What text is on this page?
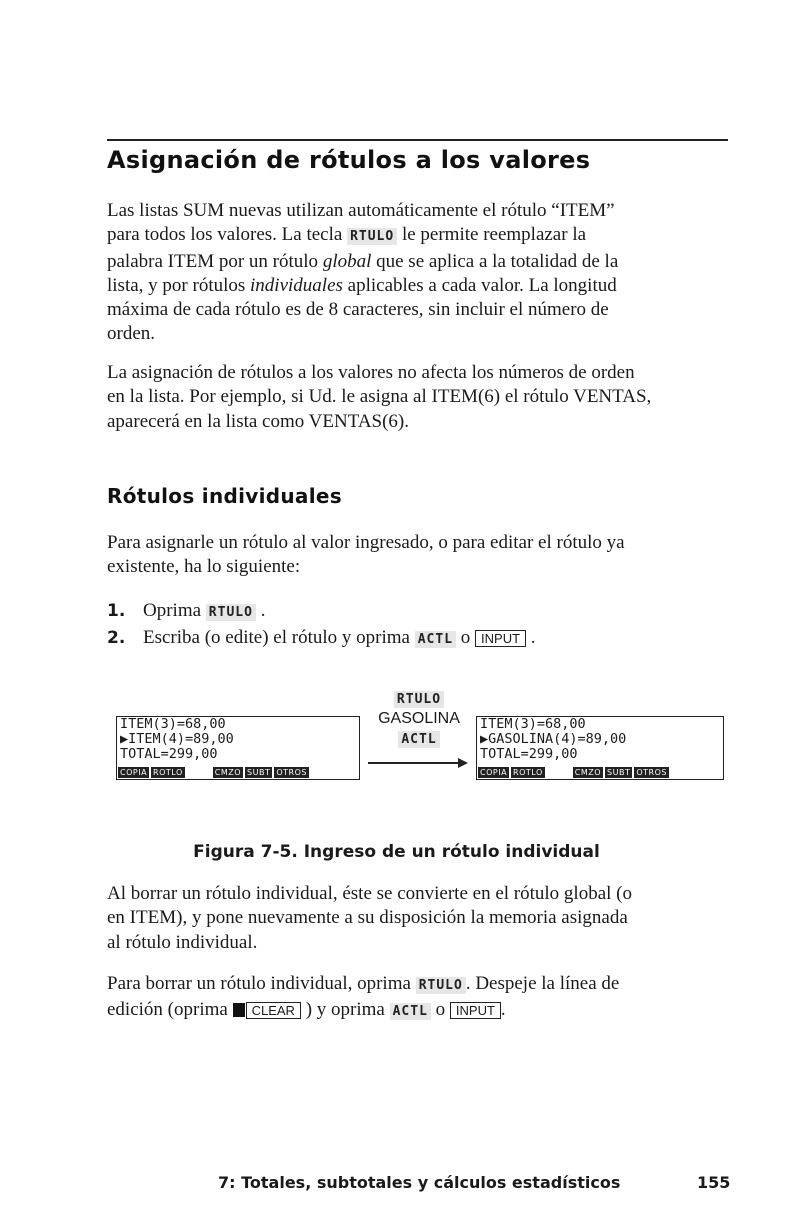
Asignación de rótulos a los valores

Las listas SUM nuevas utilizan automáticamente el rótulo “ITEM”
para todos los valores. La tecla RTULO le permite reemplazar la
palabra ITEM por un rótulo global que se aplica a la totalidad de la
lista, y por rótulos individuales aplicables a cada valor. La longitud
máxima de cada rótulo es de 8 caracteres, sin incluir el número de
orden.

La asignación de rótulos a los valores no afecta los números de orden
en la lista. Por ejemplo, si Ud. le asigna al ITEM(6) el rótulo VENTAS,
aparecerá en la lista como VENTAS(6).

Rótulos individuales

Para asignarle un rótulo al valor ingresado, o para editar el rótulo ya
existente, ha lo siguiente:

1. Oprima RTULO .
2. Escriba (o edite) el rótulo y oprima ACTL o INPUT .
ITEM(3)=68,00
▶ITEM(4)=89,00
TOTAL=299,00
COPIA ROTLO	CMZO SUBT OTROS
RTULO
GASOLINA
ACTL
ITEM(3)=68,00
▶GASOLINA(4)=89,00
TOTAL=299,00
COPIA ROTLO	CMZO SUBT OTROS
Figura 7-5. Ingreso de un rótulo individual

Al borrar un rótulo individual, éste se convierte en el rótulo global (o
en ITEM), y pone nuevamente a su disposición la memoria asignada
al rótulo individual.

Para borrar un rótulo individual, oprima RTULO . Despeje la línea de
edición (oprima CLEAR ) y oprima ACTL o INPUT .

7: Totales, subtotales y cálculos estadísticos	155
